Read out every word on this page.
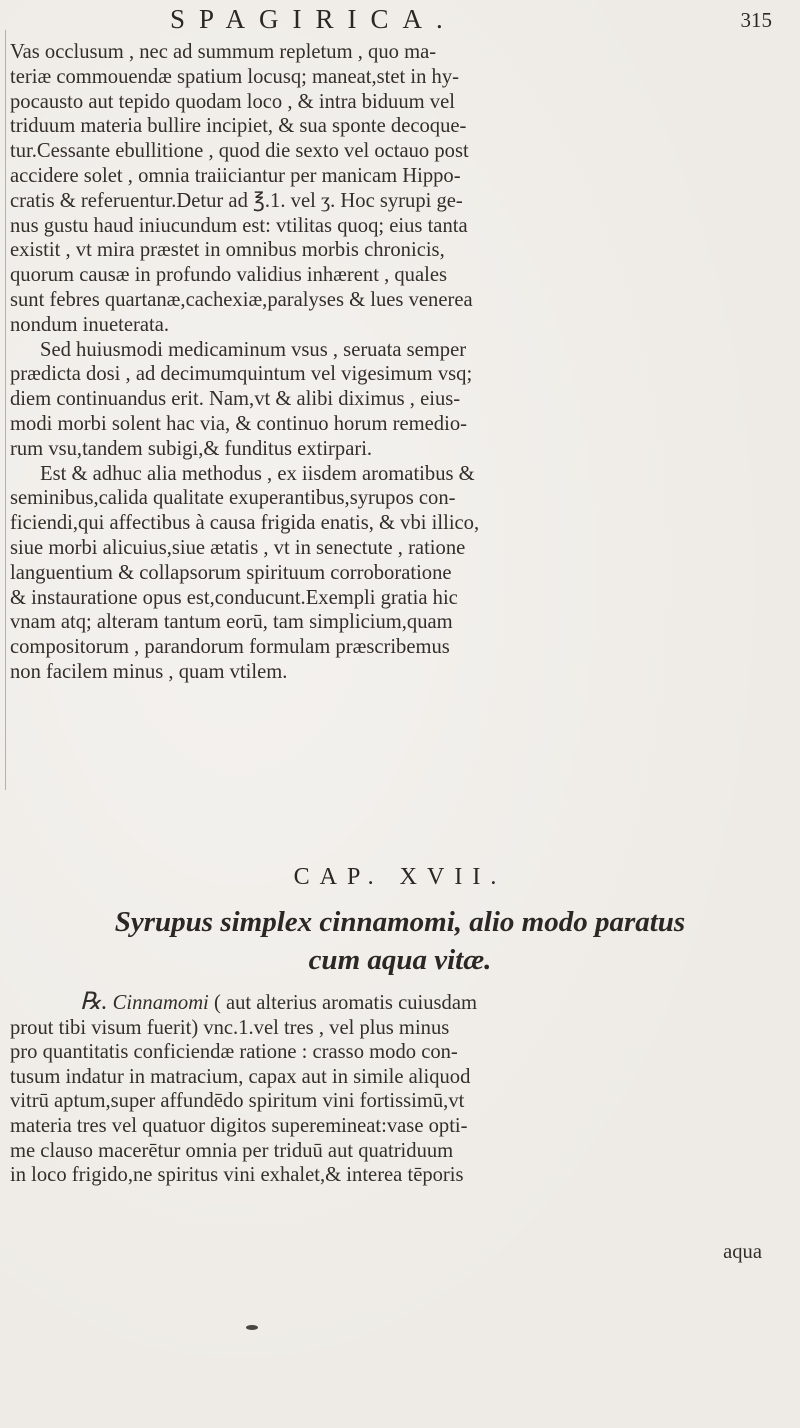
SPAGIRICA.	315

Vas occlusum , nec ad summum repletum , quo ma-
teriæ commouendæ spatium locusq; maneat,stet in hy-
pocausto aut tepido quodam loco , & intra biduum vel
triduum materia bullire incipiet, & sua sponte decoque-
tur.Cessante ebullitione , quod die sexto vel octauo post
accidere solet , omnia traiiciantur per manicam Hippo-
cratis & referuentur.Detur ad ℥.1. vel ʒ. Hoc syrupi ge-
nus gustu haud iniucundum est: vtilitas quoq; eius tanta
existit , vt mira præstet in omnibus morbis chronicis,
quorum causæ in profundo validius inhærent , quales
sunt febres quartanæ,cachexiæ,paralyses & lues venerea
nondum inueterata.

Sed huiusmodi medicaminum vsus , seruata semper
prædicta dosi , ad decimumquintum vel vigesimum vsq;
diem continuandus erit. Nam,vt & alibi diximus , eius-
modi morbi solent hac via, & continuo horum remedio-
rum vsu,tandem subigi,& funditus extirpari.

Est & adhuc alia methodus , ex iisdem aromatibus &
seminibus,calida qualitate exuperantibus,syrupos con-
ficiendi,qui affectibus à causa frigida enatis, & vbi illico,
siue morbi alicuius,siue ætatis , vt in senectute , ratione
languentium & collapsorum spirituum corroboratione
& instauratione opus est,conducunt.Exempli gratia hic
vnam atq; alteram tantum eorū, tam simplicium,quam
compositorum , parandorum formulam præscribemus
non facilem minus , quam vtilem.

CAP. XVII.
Syrupus simplex cinnamomi, alio modo paratus
cum aqua vitæ.
℞. Cinnamomi ( aut alterius aromatis cuiusdam
prout tibi visum fuerit) vnc.1.vel tres , vel plus minus
pro quantitatis conficiendæ ratione : crasso modo con-
tusum indatur in matracium, capax aut in simile aliquod
vitrū aptum,super affundēdo spiritum vini fortissimū,vt
materia tres vel quatuor digitos superemineat:vase opti-
me clauso macerētur omnia per triduū aut quatriduum
in loco frigido,ne spiritus vini exhalet,& interea tēporis
aqua
